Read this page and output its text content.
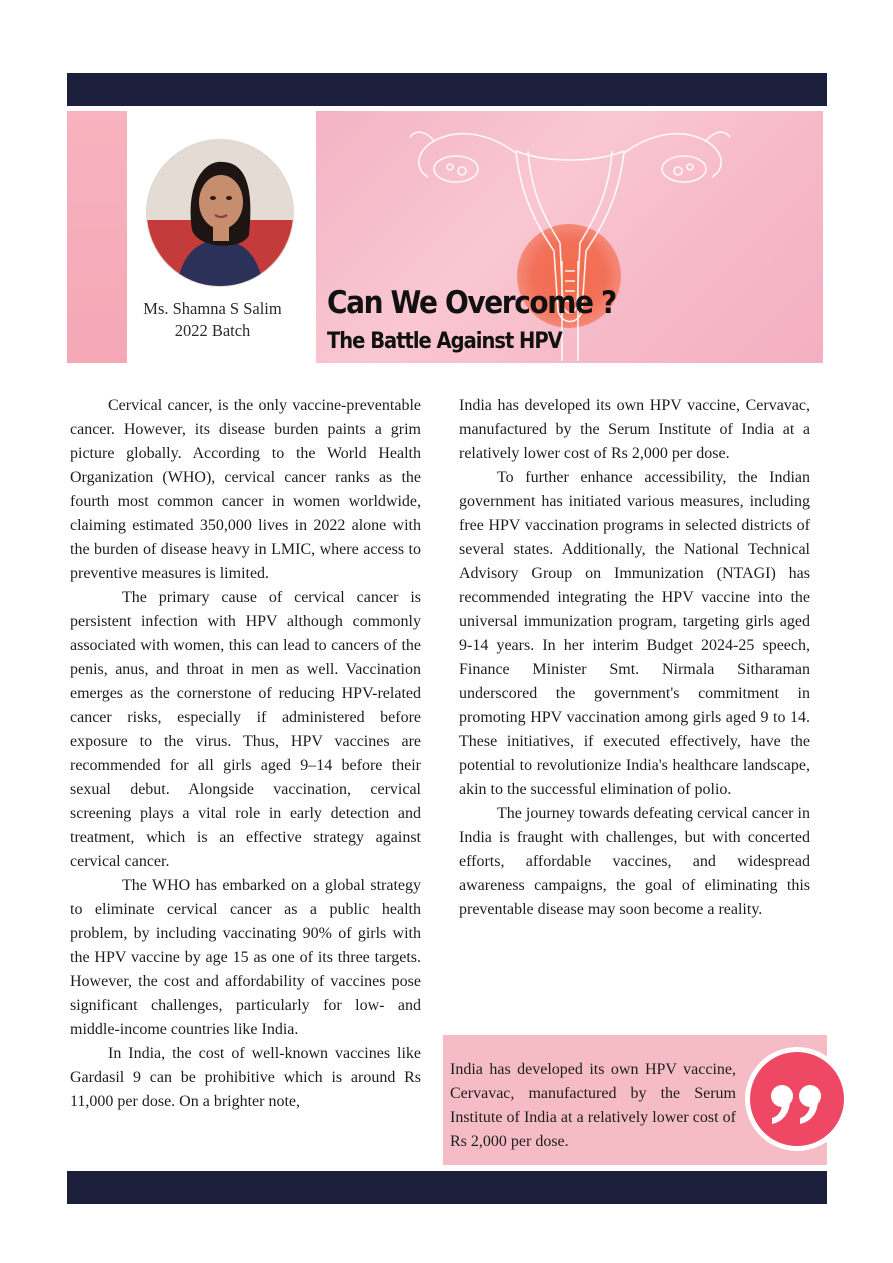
Ms. Shamna S Salim
2022 Batch
Can We Overcome ?
The Battle Against HPV

Cervical cancer, is the only vaccine-preventable cancer. However, its disease burden paints a grim picture globally. According to the World Health Organization (WHO), cervical cancer ranks as the fourth most common cancer in women worldwide, claiming estimated 350,000 lives in 2022 alone with the burden of disease heavy in LMIC, where access to preventive measures is limited.

The primary cause of cervical cancer is persistent infection with HPV although commonly associated with women, this can lead to cancers of the penis, anus, and throat in men as well. Vaccination emerges as the cornerstone of reducing HPV-related cancer risks, especially if administered before exposure to the virus. Thus, HPV vaccines are recommended for all girls aged 9–14 before their sexual debut. Alongside vaccination, cervical screening plays a vital role in early detection and treatment, which is an effective strategy against cervical cancer.

The WHO has embarked on a global strategy to eliminate cervical cancer as a public health problem, by including vaccinating 90% of girls with the HPV vaccine by age 15 as one of its three targets. However, the cost and affordability of vaccines pose significant challenges, particularly for low- and middle-income countries like India.

In India, the cost of well-known vaccines like Gardasil 9 can be prohibitive which is around Rs 11,000 per dose. On a brighter note,

India has developed its own HPV vaccine, Cervavac, manufactured by the Serum Institute of India at a relatively lower cost of Rs 2,000 per dose.

To further enhance accessibility, the Indian government has initiated various measures, including free HPV vaccination programs in selected districts of several states. Additionally, the National Technical Advisory Group on Immunization (NTAGI) has recommended integrating the HPV vaccine into the universal immunization program, targeting girls aged 9-14 years. In her interim Budget 2024-25 speech, Finance Minister Smt. Nirmala Sitharaman underscored the government's commitment in promoting HPV vaccination among girls aged 9 to 14. These initiatives, if executed effectively, have the potential to revolutionize India's healthcare landscape, akin to the successful elimination of polio.

The journey towards defeating cervical cancer in India is fraught with challenges, but with concerted efforts, affordable vaccines, and widespread awareness campaigns, the goal of eliminating this preventable disease may soon become a reality.

India has developed its own HPV vaccine, Cervavac, manufactured by the Serum Institute of India at a relatively lower cost of Rs 2,000 per dose.
